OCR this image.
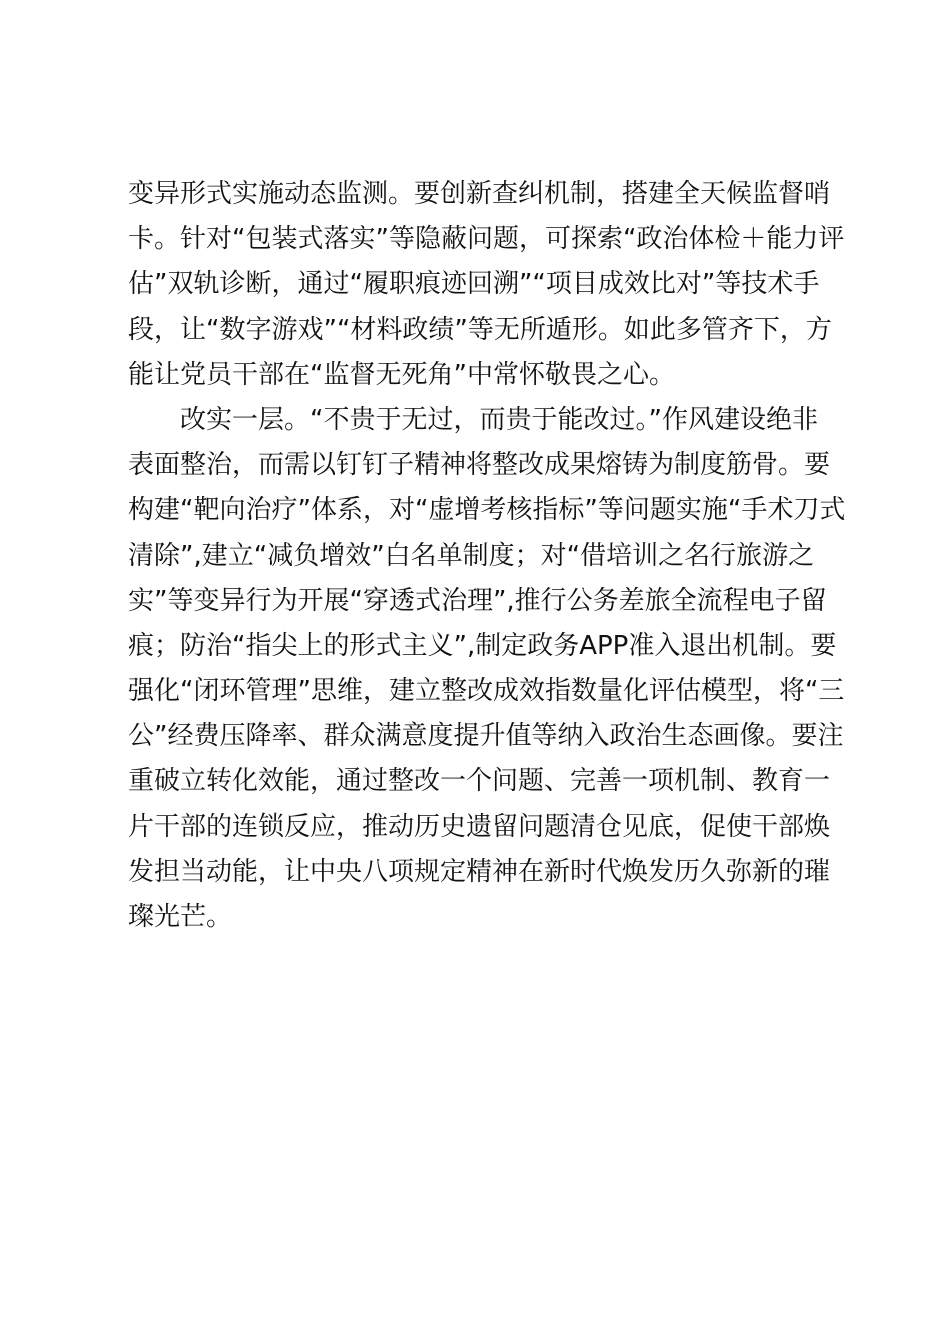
变异形式实施动态监测。要创新查纠机制，搭建全天候监督哨
卡。针对“包装式落实”等隐蔽问题，可探索“政治体检＋能力评
估”双轨诊断，通过“履职痕迹回溯”“项目成效比对”等技术手
段，让“数字游戏”“材料政绩”等无所遁形。如此多管齐下，方
能让党员干部在“监督无死角”中常怀敬畏之心。
改实一层。“不贵于无过，而贵于能改过。”作风建设绝非
表面整治，而需以钉钉子精神将整改成果熔铸为制度筋骨。要
构建“靶向治疗”体系，对“虚增考核指标”等问题实施“手术刀式
清除”,建立“减负增效”白名单制度；对“借培训之名行旅游之
实”等变异行为开展“穿透式治理”,推行公务差旅全流程电子留
痕；防治“指尖上的形式主义”,制定政务APP准入退出机制。要
强化“闭环管理”思维，建立整改成效指数量化评估模型，将“三
公”经费压降率、群众满意度提升值等纳入政治生态画像。要注
重破立转化效能，通过整改一个问题、完善一项机制、教育一
片干部的连锁反应，推动历史遗留问题清仓见底，促使干部焕
发担当动能，让中央八项规定精神在新时代焕发历久弥新的璀
璨光芒。
